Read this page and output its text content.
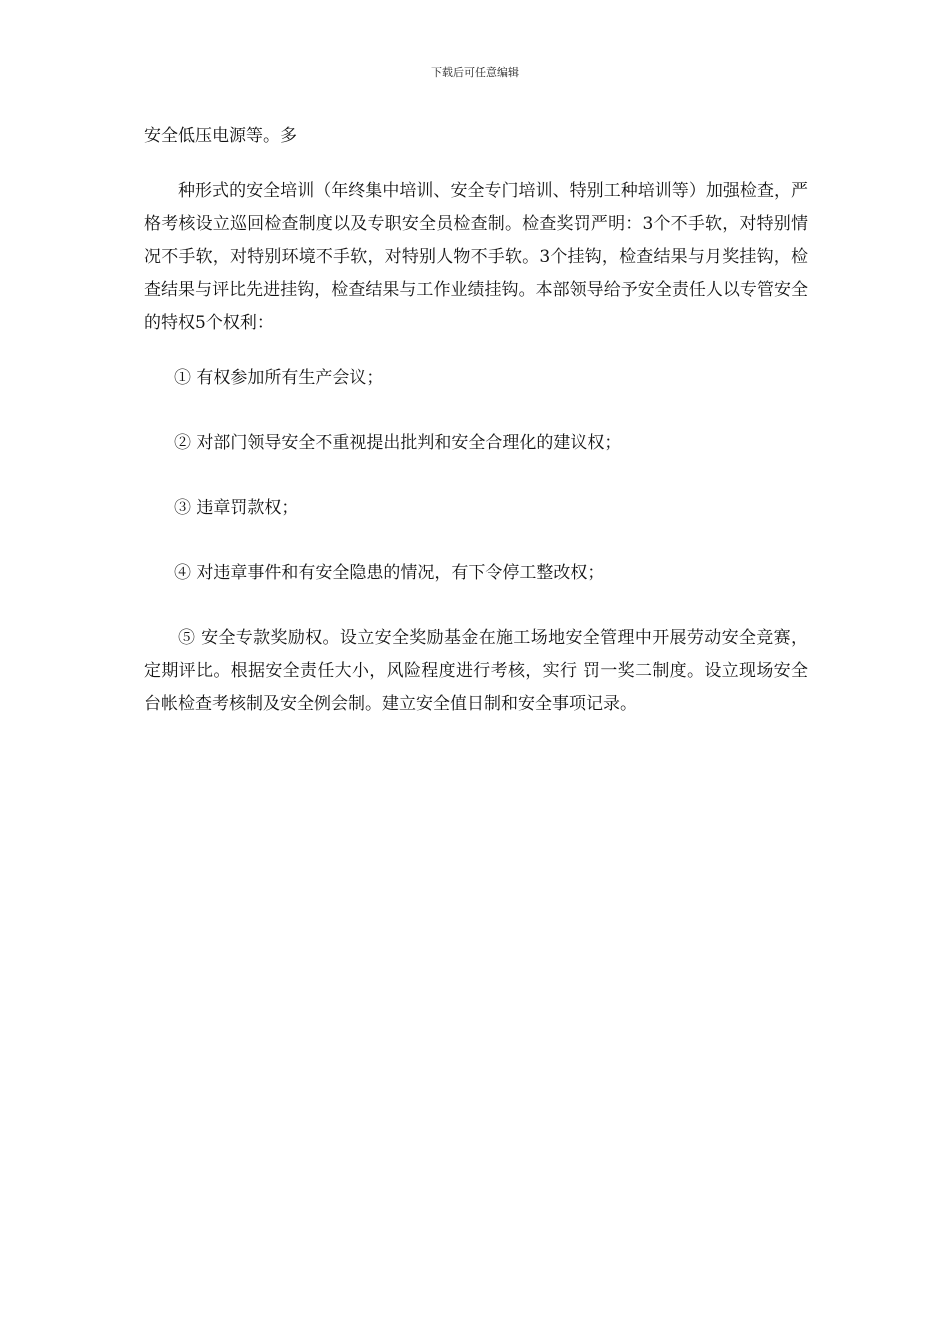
下载后可任意编辑

安全低压电源等。多

种形式的安全培训（年终集中培训、安全专门培训、特别工种培训等）加强检查，严格考核设立巡回检查制度以及专职安全员检查制。检查奖罚严明：3个不手软，对特别情况不手软，对特别环境不手软，对特别人物不手软。3个挂钩，检查结果与月奖挂钩，检查结果与评比先进挂钩，检查结果与工作业绩挂钩。本部领导给予安全责任人以专管安全的特权5个权利：

① 有权参加所有生产会议；

② 对部门领导安全不重视提出批判和安全合理化的建议权；

③ 违章罚款权；

④ 对违章事件和有安全隐患的情况，有下令停工整改权；

⑤ 安全专款奖励权。设立安全奖励基金在施工场地安全管理中开展劳动安全竞赛，定期评比。根据安全责任大小，风险程度进行考核，实行 罚一奖二制度。设立现场安全台帐检查考核制及安全例会制。建立安全值日制和安全事项记录。
